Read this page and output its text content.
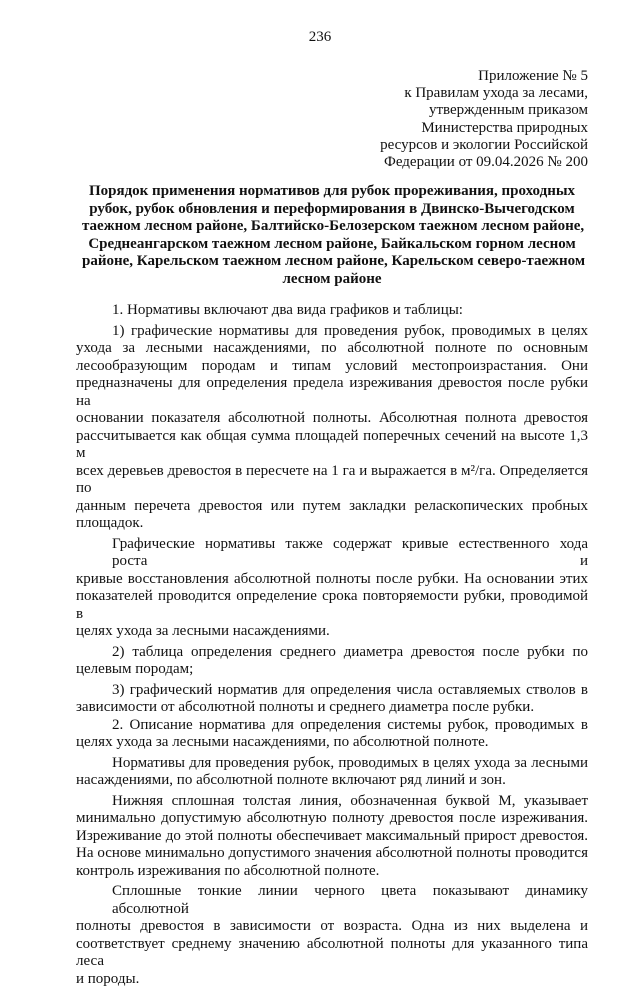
236
Приложение № 5
к Правилам ухода за лесами,
утвержденным приказом
Министерства природных
ресурсов и экологии Российской
Федерации от 09.04.2026 № 200
Порядок применения нормативов для рубок прореживания, проходных
рубок, рубок обновления и переформирования в Двинско-Вычегодском
таежном лесном районе, Балтийско-Белозерском таежном лесном районе,
Среднеангарском таежном лесном районе, Байкальском горном лесном
районе, Карельском таежном лесном районе, Карельском северо-таежном
лесном районе
1. Нормативы включают два вида графиков и таблицы:
1) графические нормативы для проведения рубок, проводимых в целях
ухода за лесными насаждениями, по абсолютной полноте по основным
лесообразующим породам и типам условий местопроизрастания. Они
предназначены для определения предела изреживания древостоя после рубки на
основании показателя абсолютной полноты. Абсолютная полнота древостоя
рассчитывается как общая сумма площадей поперечных сечений на высоте 1,3 м
всех деревьев древостоя в пересчете на 1 га и выражается в м²/га. Определяется по
данным перечета древостоя или путем закладки реласкопических пробных
площадок.
Графические нормативы также содержат кривые естественного хода роста и
кривые восстановления абсолютной полноты после рубки. На основании этих
показателей проводится определение срока повторяемости рубки, проводимой в
целях ухода за лесными насаждениями.
2) таблица определения среднего диаметра древостоя после рубки по
целевым породам;
3) графический норматив для определения числа оставляемых стволов в
зависимости от абсолютной полноты и среднего диаметра после рубки.
2. Описание норматива для определения системы рубок, проводимых в
целях ухода за лесными насаждениями, по абсолютной полноте.
Нормативы для проведения рубок, проводимых в целях ухода за лесными
насаждениями, по абсолютной полноте включают ряд линий и зон.
Нижняя сплошная толстая линия, обозначенная буквой М, указывает
минимально допустимую абсолютную полноту древостоя после изреживания.
Изреживание до этой полноты обеспечивает максимальный прирост древостоя.
На основе минимально допустимого значения абсолютной полноты проводится
контроль изреживания по абсолютной полноте.
Сплошные тонкие линии черного цвета показывают динамику абсолютной
полноты древостоя в зависимости от возраста. Одна из них выделена и
соответствует среднему значению абсолютной полноты для указанного типа леса
и породы.
